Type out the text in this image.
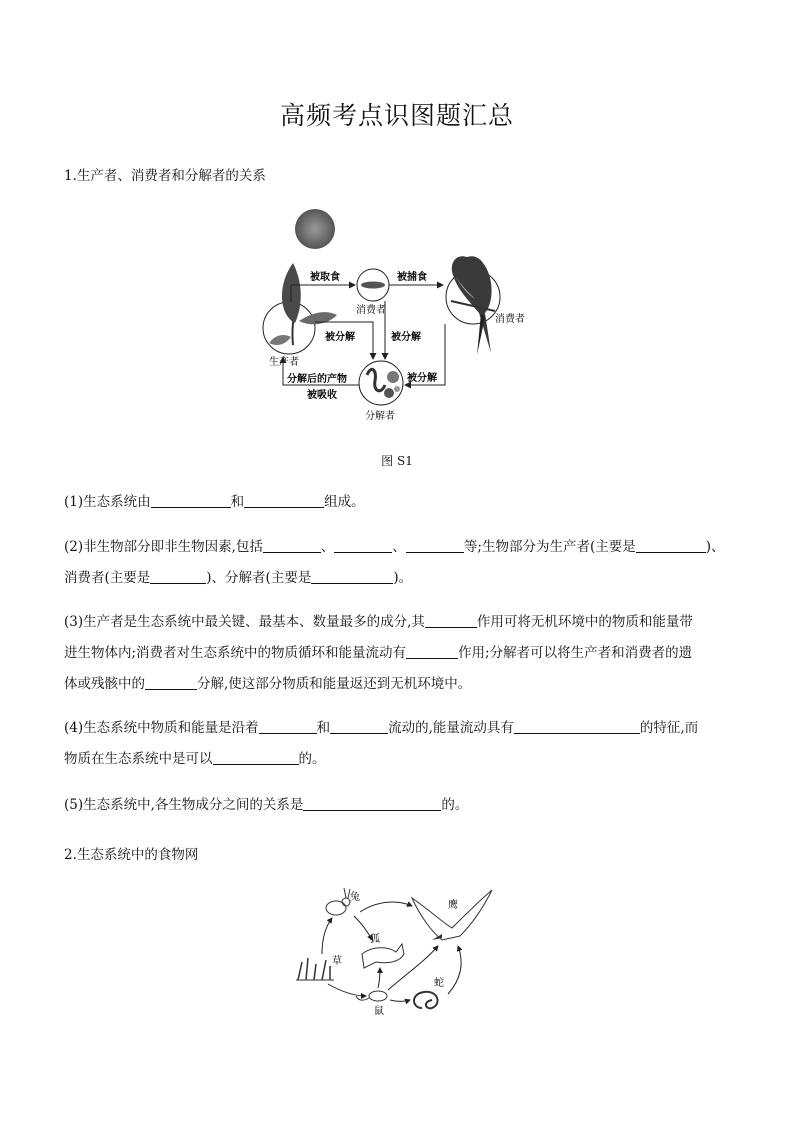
高频考点识图题汇总
1.生产者、消费者和分解者的关系
生产者
消费者
消费者
分解者
被取食	被捕食
被分解	被分解
被分解
分解后的产物
被吸收
图 S1
(1)生态系统由	和	组成。
(2)非生物部分即非生物因素,包括	、	、	等;生物部分为生产者(主要是	)、
消费者(主要是	)、分解者(主要是	)。
(3)生产者是生态系统中最关键、最基本、数量最多的成分,其	作用可将无机环境中的物质和能量带
进生物体内;消费者对生态系统中的物质循环和能量流动有	作用;分解者可以将生产者和消费者的遗
体或残骸中的	分解,使这部分物质和能量返还到无机环境中。
(4)生态系统中物质和能量是沿着	和	流动的,能量流动具有	的特征,而
物质在生态系统中是可以	的。
(5)生态系统中,各生物成分之间的关系是	的。
2.生态系统中的食物网
兔
鹰
狐
草
蛇
鼠
